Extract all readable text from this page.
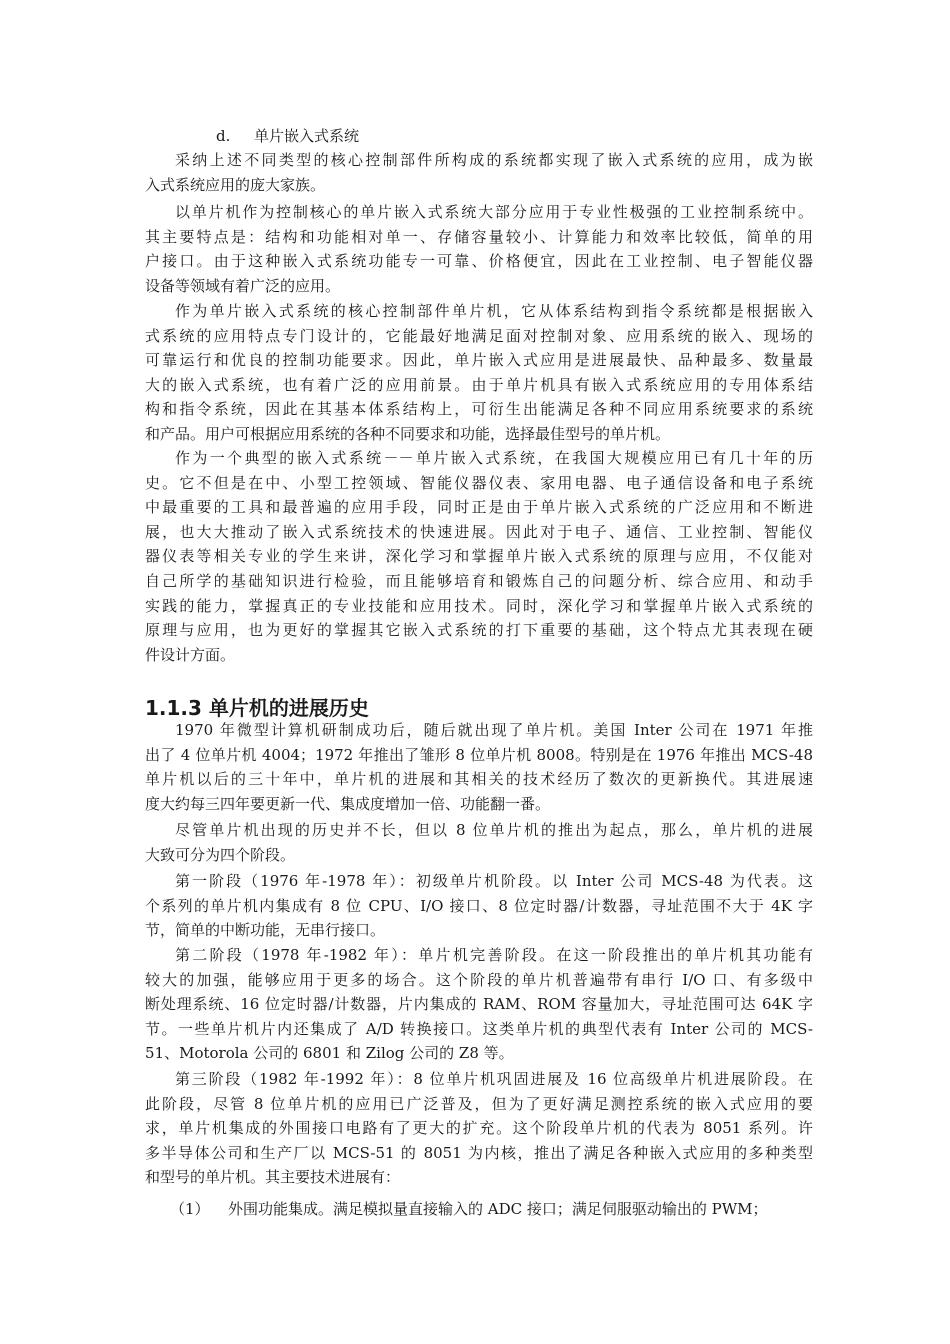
d. 单片嵌入式系统
采纳上述不同类型的核心控制部件所构成的系统都实现了嵌入式系统的应用，成为嵌
入式系统应用的庞大家族。
以单片机作为控制核心的单片嵌入式系统大部分应用于专业性极强的工业控制系统中。
其主要特点是：结构和功能相对单一、存储容量较小、计算能力和效率比较低，简单的用
户接口。由于这种嵌入式系统功能专一可靠、价格便宜，因此在工业控制、电子智能仪器
设备等领域有着广泛的应用。
作为单片嵌入式系统的核心控制部件单片机，它从体系结构到指令系统都是根据嵌入
式系统的应用特点专门设计的，它能最好地满足面对控制对象、应用系统的嵌入、现场的
可靠运行和优良的控制功能要求。因此，单片嵌入式应用是进展最快、品种最多、数量最
大的嵌入式系统，也有着广泛的应用前景。由于单片机具有嵌入式系统应用的专用体系结
构和指令系统，因此在其基本体系结构上，可衍生出能满足各种不同应用系统要求的系统
和产品。用户可根据应用系统的各种不同要求和功能，选择最佳型号的单片机。
作为一个典型的嵌入式系统－－单片嵌入式系统，在我国大规模应用已有几十年的历
史。它不但是在中、小型工控领域、智能仪器仪表、家用电器、电子通信设备和电子系统
中最重要的工具和最普遍的应用手段，同时正是由于单片嵌入式系统的广泛应用和不断进
展，也大大推动了嵌入式系统技术的快速进展。因此对于电子、通信、工业控制、智能仪
器仪表等相关专业的学生来讲，深化学习和掌握单片嵌入式系统的原理与应用，不仅能对
自己所学的基础知识进行检验，而且能够培育和锻炼自己的问题分析、综合应用、和动手
实践的能力，掌握真正的专业技能和应用技术。同时，深化学习和掌握单片嵌入式系统的
原理与应用，也为更好的掌握其它嵌入式系统的打下重要的基础，这个特点尤其表现在硬
件设计方面。
1.1.3 单片机的进展历史
1970 年微型计算机研制成功后，随后就出现了单片机。美国 Inter 公司在 1971 年推
出了 4 位单片机 4004；1972 年推出了雏形 8 位单片机 8008。特别是在 1976 年推出 MCS-48
单片机以后的三十年中，单片机的进展和其相关的技术经历了数次的更新换代。其进展速
度大约每三四年要更新一代、集成度增加一倍、功能翻一番。
尽管单片机出现的历史并不长，但以 8 位单片机的推出为起点，那么，单片机的进展
大致可分为四个阶段。
第一阶段（1976 年-1978 年）：初级单片机阶段。以 Inter 公司 MCS-48 为代表。这
个系列的单片机内集成有 8 位 CPU、I/O 接口、8 位定时器/计数器，寻址范围不大于 4K 字
节，简单的中断功能，无串行接口。
第二阶段（1978 年-1982 年）：单片机完善阶段。在这一阶段推出的单片机其功能有
较大的加强，能够应用于更多的场合。这个阶段的单片机普遍带有串行 I/O 口、有多级中
断处理系统、16 位定时器/计数器，片内集成的 RAM、ROM 容量加大，寻址范围可达 64K 字
节。一些单片机片内还集成了 A/D 转换接口。这类单片机的典型代表有 Inter 公司的 MCS-
51、Motorola 公司的 6801 和 Zilog 公司的 Z8 等。
第三阶段（1982 年-1992 年）：8 位单片机巩固进展及 16 位高级单片机进展阶段。在
此阶段，尽管 8 位单片机的应用已广泛普及，但为了更好满足测控系统的嵌入式应用的要
求，单片机集成的外围接口电路有了更大的扩充。这个阶段单片机的代表为 8051 系列。许
多半导体公司和生产厂以 MCS-51 的 8051 为内核，推出了满足各种嵌入式应用的多种类型
和型号的单片机。其主要技术进展有：
（1） 外围功能集成。满足模拟量直接输入的 ADC 接口；满足伺服驱动输出的 PWM；
